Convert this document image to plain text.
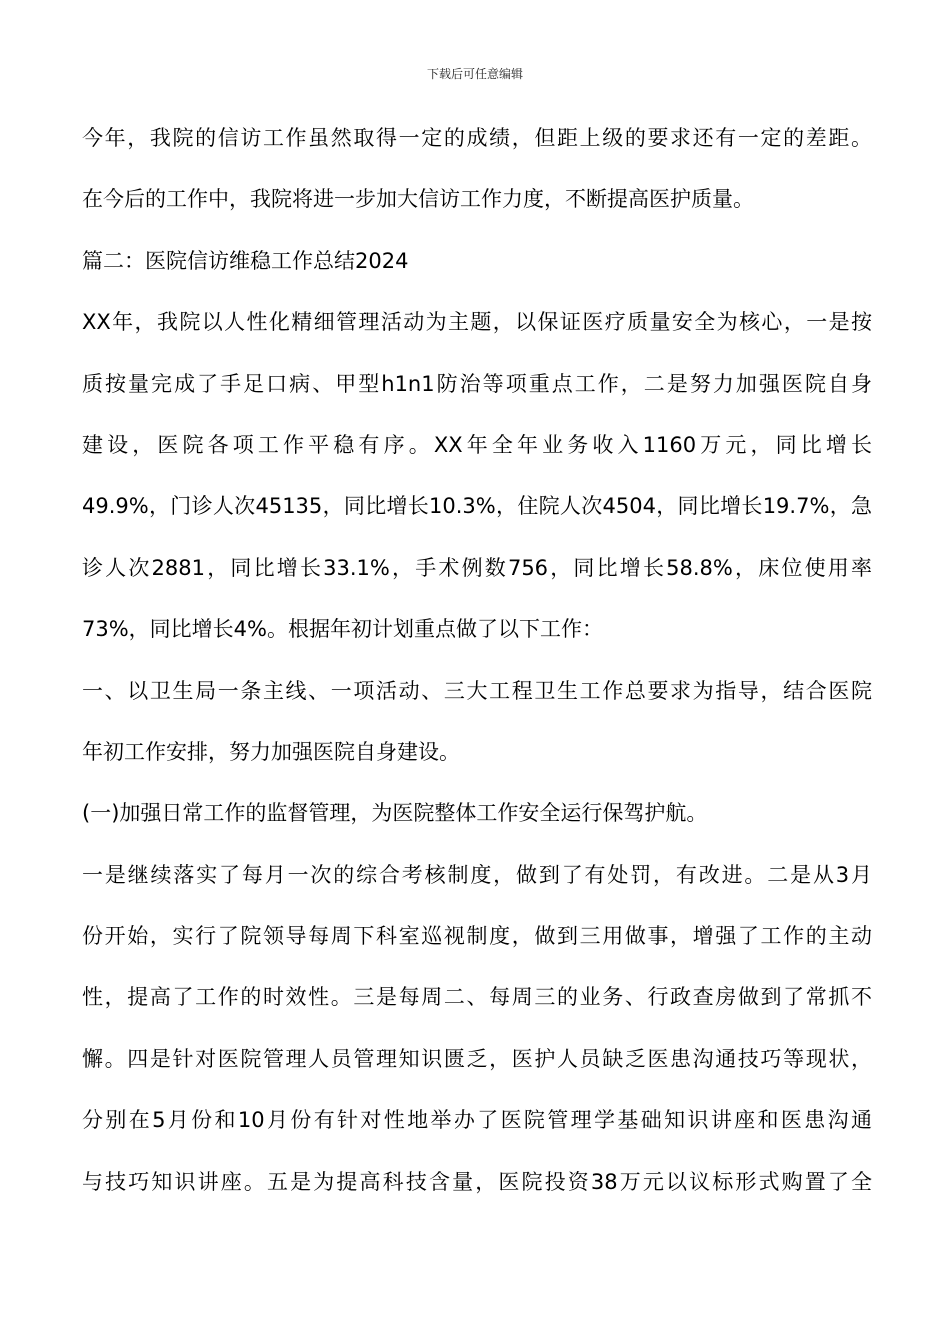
下载后可任意编辑
今年，我院的信访工作虽然取得一定的成绩，但距上级的要求还有一定的差距。
在今后的工作中，我院将进一步加大信访工作力度，不断提高医护质量。
篇二：医院信访维稳工作总结2024
XX年，我院以人性化精细管理活动为主题，以保证医疗质量安全为核心，一是按
质按量完成了手足口病、甲型h1n1防治等项重点工作，二是努力加强医院自身
建设，医院各项工作平稳有序。XX年全年业务收入1160万元，同比增长
49.9%，门诊人次45135，同比增长10.3%，住院人次4504，同比增长19.7%，急
诊人次2881，同比增长33.1%，手术例数756，同比增长58.8%，床位使用率
73%，同比增长4%。根据年初计划重点做了以下工作：
一、以卫生局一条主线、一项活动、三大工程卫生工作总要求为指导，结合医院
年初工作安排，努力加强医院自身建设。
(一)加强日常工作的监督管理，为医院整体工作安全运行保驾护航。
一是继续落实了每月一次的综合考核制度，做到了有处罚，有改进。二是从3月
份开始，实行了院领导每周下科室巡视制度，做到三用做事，增强了工作的主动
性，提高了工作的时效性。三是每周二、每周三的业务、行政查房做到了常抓不
懈。四是针对医院管理人员管理知识匮乏，医护人员缺乏医患沟通技巧等现状，
分别在5月份和10月份有针对性地举办了医院管理学基础知识讲座和医患沟通
与技巧知识讲座。五是为提高科技含量，医院投资38万元以议标形式购置了全
